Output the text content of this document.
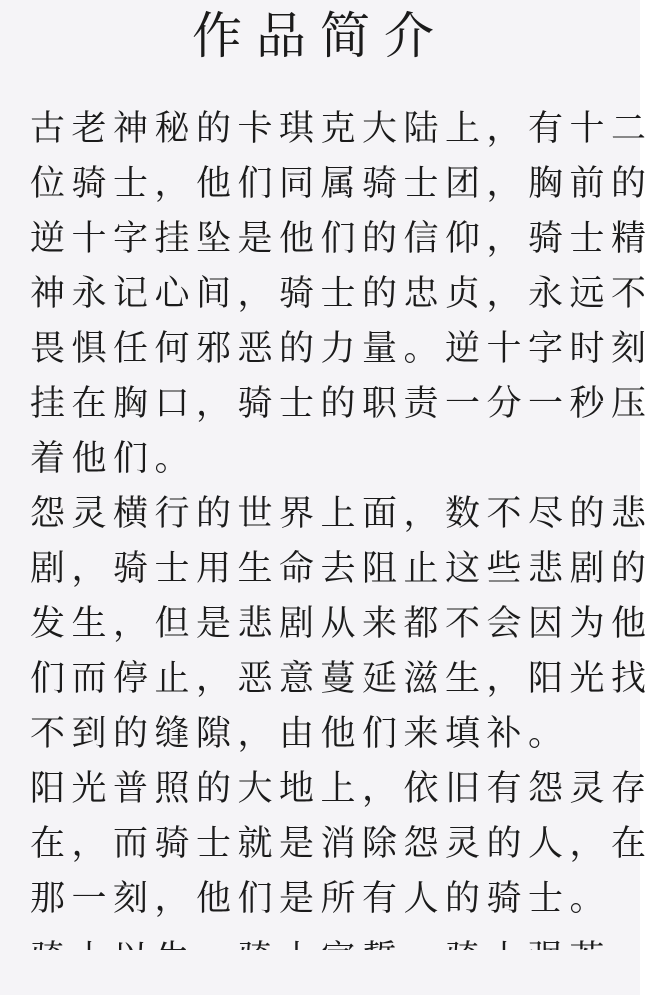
作品简介
古老神秘的卡琪克大陆上，有十二
位骑士，他们同属骑士团，胸前的
逆十字挂坠是他们的信仰，骑士精
神永记心间，骑士的忠贞，永远不
畏惧任何邪恶的力量。逆十字时刻
挂在胸口，骑士的职责一分一秒压
着他们。
怨灵横行的世界上面，数不尽的悲
剧，骑士用生命去阻止这些悲剧的
发生，但是悲剧从来都不会因为他
们而停止，恶意蔓延滋生，阳光找
不到的缝隙，由他们来填补。
阳光普照的大地上，依旧有怨灵存
在，而骑士就是消除怨灵的人，在
那一刻，他们是所有人的骑士。
